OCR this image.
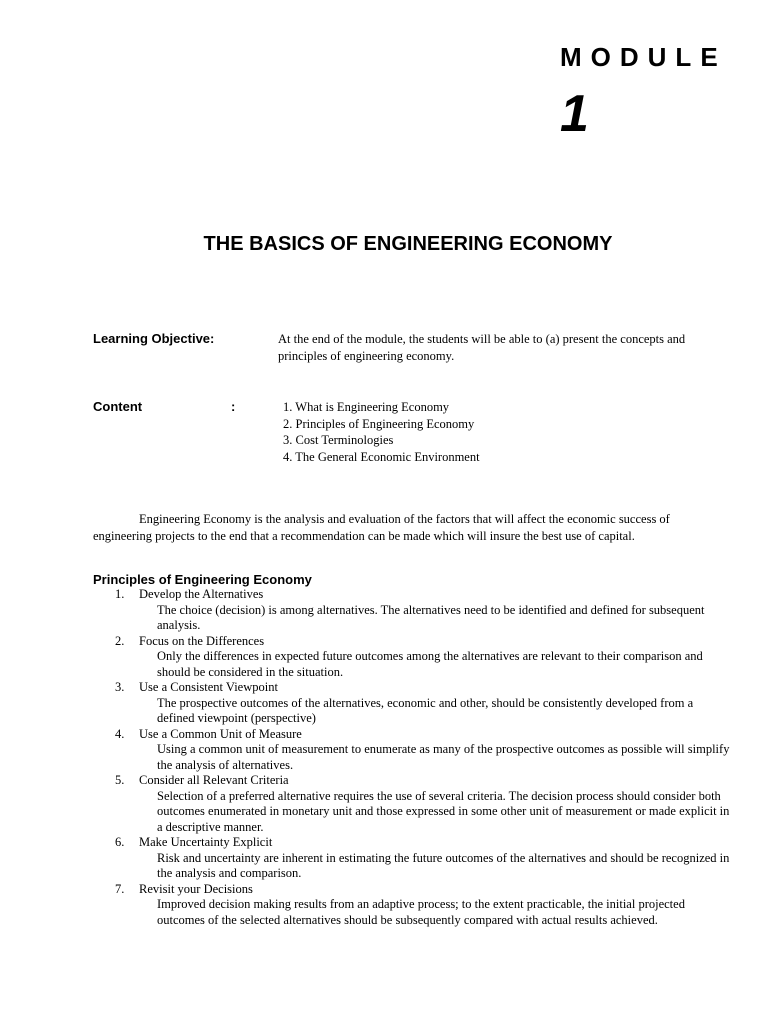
MODULE
1
THE BASICS OF ENGINEERING ECONOMY
Learning Objective:	At the end of the module, the students will be able to (a) present the concepts and principles of engineering economy.
Content	:	1. What is Engineering Economy
2. Principles of Engineering Economy
3. Cost Terminologies
4. The General Economic Environment

Engineering Economy is the analysis and evaluation of the factors that will affect the economic success of engineering projects to the end that a recommendation can be made which will insure the best use of capital.

Principles of Engineering Economy
1. Develop the Alternatives
The choice (decision) is among alternatives. The alternatives need to be identified and defined for subsequent analysis.
2. Focus on the Differences
Only the differences in expected future outcomes among the alternatives are relevant to their comparison and should be considered in the situation.
3. Use a Consistent Viewpoint
The prospective outcomes of the alternatives, economic and other, should be consistently developed from a defined viewpoint (perspective)
4. Use a Common Unit of Measure
Using a common unit of measurement to enumerate as many of the prospective outcomes as possible will simplify the analysis of alternatives.
5. Consider all Relevant Criteria
Selection of a preferred alternative requires the use of several criteria. The decision process should consider both outcomes enumerated in monetary unit and those expressed in some other unit of measurement or made explicit in a descriptive manner.
6. Make Uncertainty Explicit
Risk and uncertainty are inherent in estimating the future outcomes of the alternatives and should be recognized in the analysis and comparison.
7. Revisit your Decisions
Improved decision making results from an adaptive process; to the extent practicable, the initial projected outcomes of the selected alternatives should be subsequently compared with actual results achieved.
